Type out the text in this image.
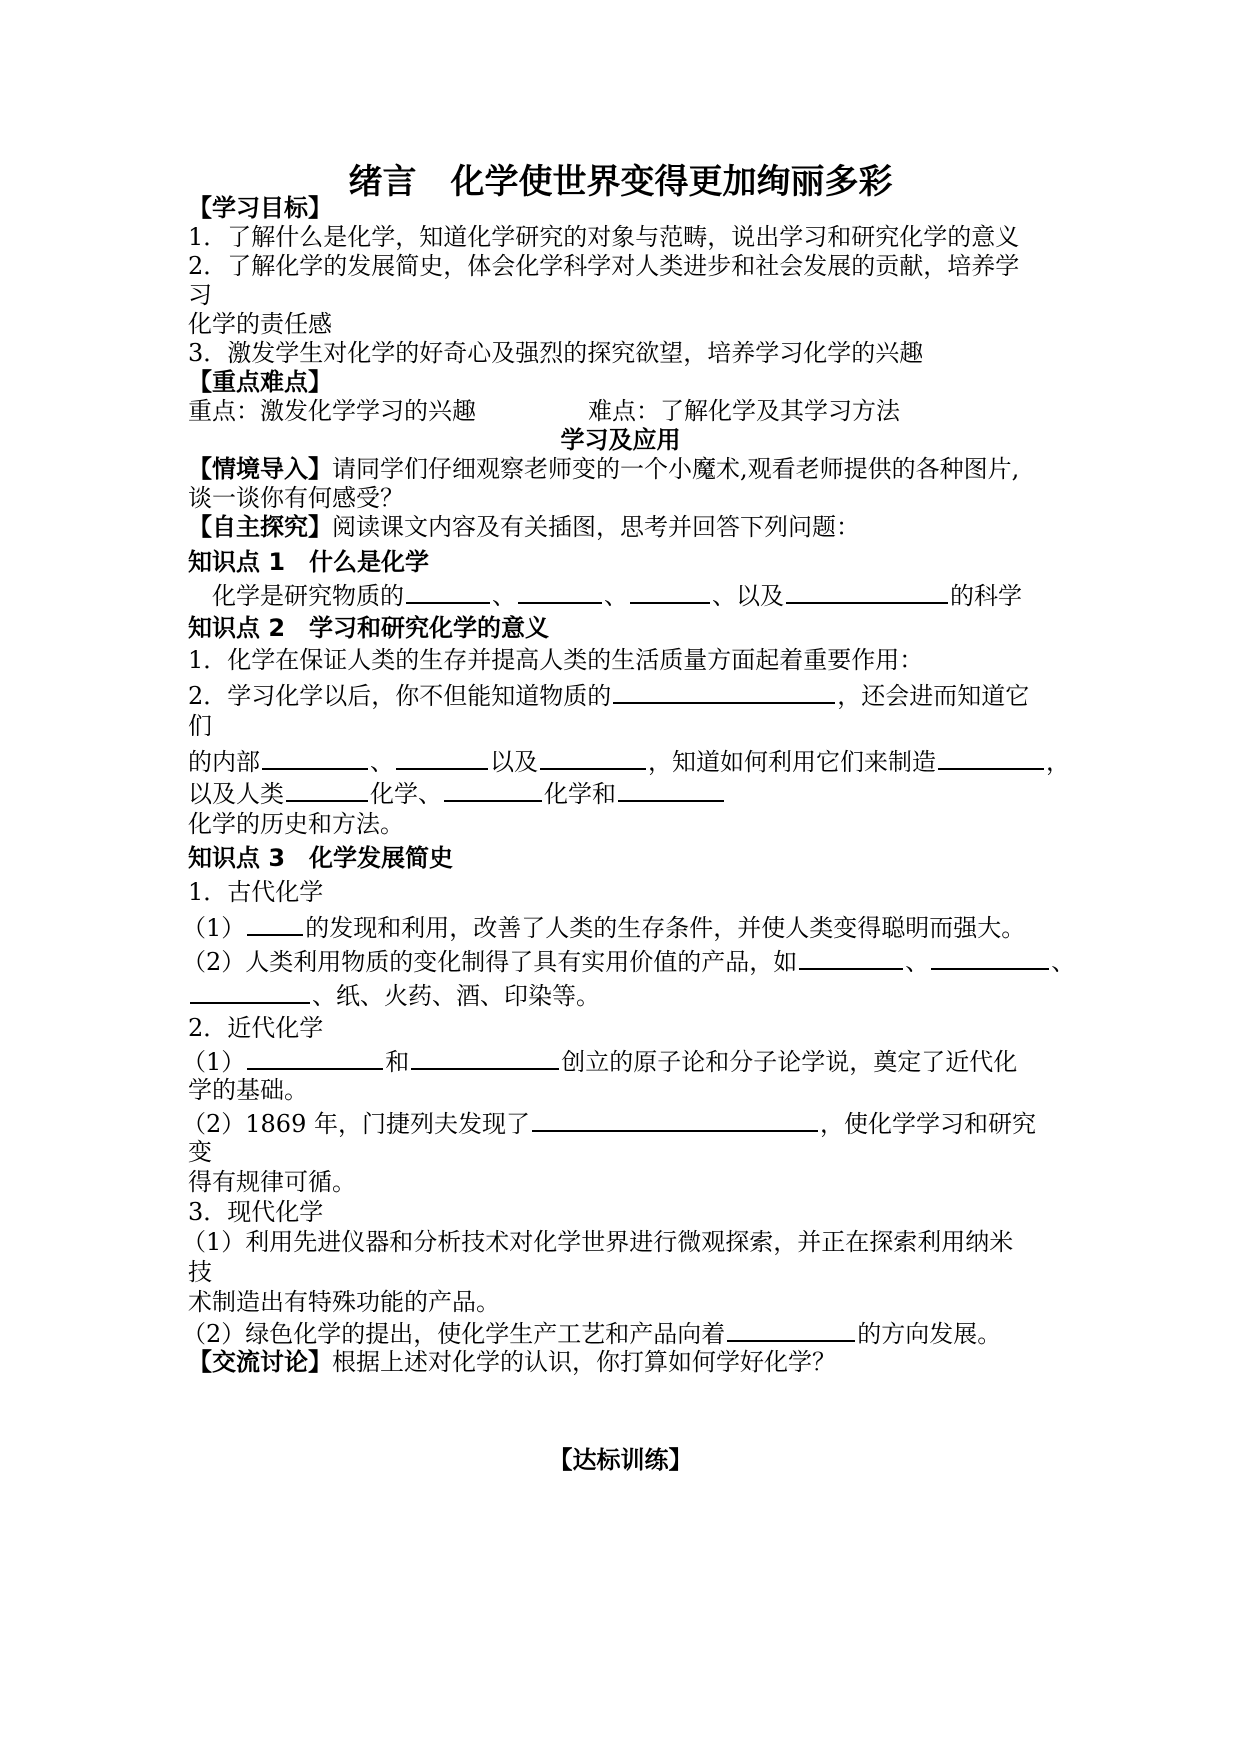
绪言　化学使世界变得更加绚丽多彩
【学习目标】
1．了解什么是化学，知道化学研究的对象与范畴，说出学习和研究化学的意义
2．了解化学的发展简史，体会化学科学对人类进步和社会发展的贡献，培养学
习
化学的责任感
3．激发学生对化学的好奇心及强烈的探究欲望，培养学习化学的兴趣
【重点难点】
重点：激发化学学习的兴趣	难点：了解化学及其学习方法
学习及应用
【情境导入】请同学们仔细观察老师变的一个小魔术,观看老师提供的各种图片,
谈一谈你有何感受？
【自主探究】阅读课文内容及有关插图，思考并回答下列问题：
知识点 1　什么是化学
化学是研究物质的	、	、	、以及	的科学
知识点 2　学习和研究化学的意义
1．化学在保证人类的生存并提高人类的生活质量方面起着重要作用：
2．学习化学以后，你不但能知道物质的	，还会进而知道它
们
的内部	、	以及	，知道如何利用它们来制造	，
以及人类	化学、	化学和
化学的历史和方法。
知识点 3　化学发展简史
1．古代化学
（1）	的发现和利用，改善了人类的生存条件，并使人类变得聪明而强大。
（2）人类利用物质的变化制得了具有实用价值的产品，如	、	、
、纸、火药、酒、印染等。
2．近代化学
（1）	和	创立的原子论和分子论学说，奠定了近代化
学的基础。
（2）1869 年，门捷列夫发现了	，使化学学习和研究
变
得有规律可循。
3．现代化学
（1）利用先进仪器和分析技术对化学世界进行微观探索，并正在探索利用纳米
技
术制造出有特殊功能的产品。
（2）绿色化学的提出，使化学生产工艺和产品向着	的方向发展。
【交流讨论】根据上述对化学的认识，你打算如何学好化学？
【达标训练】
